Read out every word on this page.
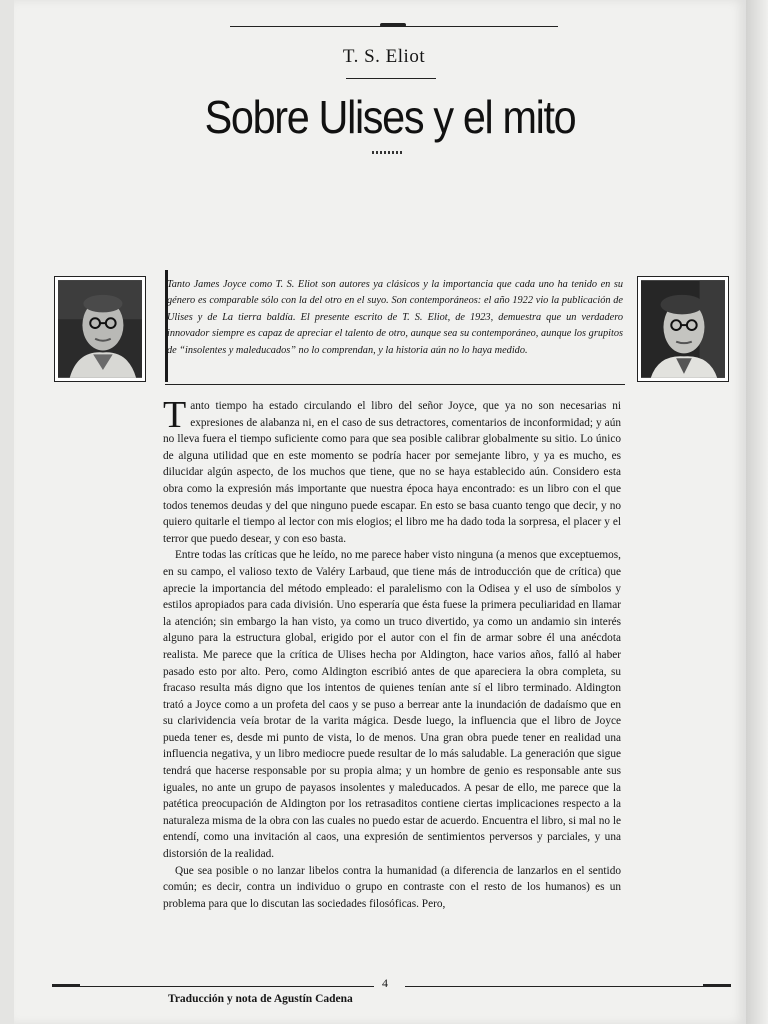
T. S. Eliot
Sobre Ulises y el mito
Tanto James Joyce como T. S. Eliot son autores ya clásicos y la importancia que cada uno ha tenido en su género es comparable sólo con la del otro en el suyo. Son contemporáneos: el año 1922 vio la publicación de Ulises y de La tierra baldía. El presente escrito de T. S. Eliot, de 1923, demuestra que un verdadero innovador siempre es capaz de apreciar el talento de otro, aunque sea su contemporáneo, aunque los grupitos de “insolentes y maleducados” no lo comprendan, y la historia aún no lo haya medido.

Tanto tiempo ha estado circulando el libro del señor Joyce, que ya no son necesarias ni expresiones de alabanza ni, en el caso de sus detractores, comentarios de inconformidad; y aún no lleva fuera el tiempo suficiente como para que sea posible calibrar globalmente su sitio. Lo único de alguna utilidad que en este momento se podría hacer por semejante libro, y ya es mucho, es dilucidar algún aspecto, de los muchos que tiene, que no se haya establecido aún. Considero esta obra como la expresión más importante que nuestra época haya encontrado: es un libro con el que todos tenemos deudas y del que ninguno puede escapar. En esto se basa cuanto tengo que decir, y no quiero quitarle el tiempo al lector con mis elogios; el libro me ha dado toda la sorpresa, el placer y el terror que puedo desear, y con eso basta.

Entre todas las críticas que he leído, no me parece haber visto ninguna (a menos que exceptuemos, en su campo, el valioso texto de Valéry Larbaud, que tiene más de introducción que de crítica) que aprecie la importancia del método empleado: el paralelismo con la Odisea y el uso de símbolos y estilos apropiados para cada división. Uno esperaría que ésta fuese la primera peculiaridad en llamar la atención; sin embargo la han visto, ya como un truco divertido, ya como un andamio sin interés alguno para la estructura global, erigido por el autor con el fin de armar sobre él una anécdota realista. Me parece que la crítica de Ulises hecha por Aldington, hace varios años, falló al haber pasado esto por alto. Pero, como Aldington escribió antes de que apareciera la obra completa, su fracaso resulta más digno que los intentos de quienes tenían ante sí el libro terminado. Aldington trató a Joyce como a un profeta del caos y se puso a berrear ante la inundación de dadaísmo que en su clarividencia veía brotar de la varita mágica. Desde luego, la influencia que el libro de Joyce pueda tener es, desde mi punto de vista, lo de menos. Una gran obra puede tener en realidad una influencia negativa, y un libro mediocre puede resultar de lo más saludable. La generación que sigue tendrá que hacerse responsable por su propia alma; y un hombre de genio es responsable ante sus iguales, no ante un grupo de payasos insolentes y maleducados. A pesar de ello, me parece que la patética preocupación de Aldington por los retrasaditos contiene ciertas implicaciones respecto a la naturaleza misma de la obra con las cuales no puedo estar de acuerdo. Encuentra el libro, si mal no le entendí, como una invitación al caos, una expresión de sentimientos perversos y parciales, y una distorsión de la realidad.

Que sea posible o no lanzar libelos contra la humanidad (a diferencia de lanzarlos en el sentido común; es decir, contra un individuo o grupo en contraste con el resto de los humanos) es un problema para que lo discutan las sociedades filosóficas. Pero,

4
Traducción y nota de Agustín Cadena
